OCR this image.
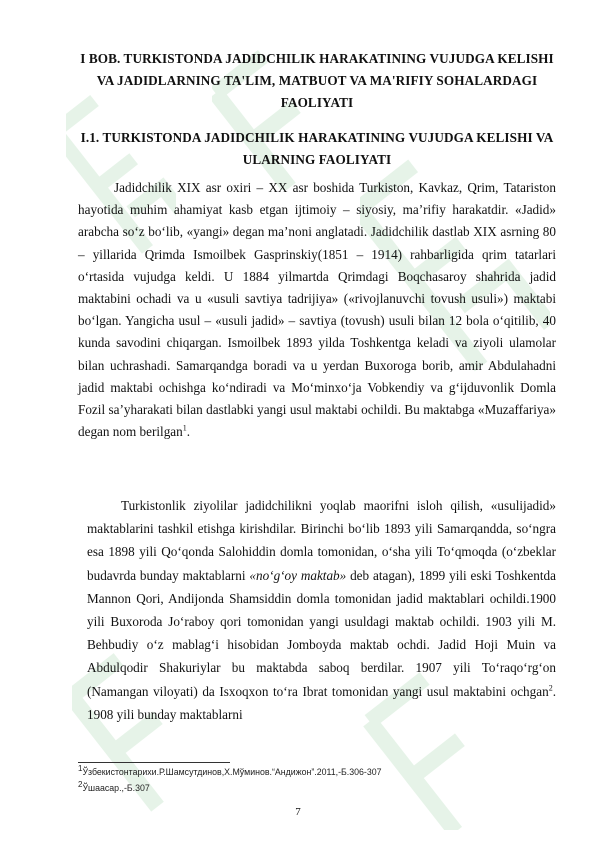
I BOB. TURKISTONDA JADIDCHILIK HARAKATINING VUJUDGA KELISHI VA JADIDLARNING TA'LIM, MATBUOT VA MA'RIFIY SOHALARDAGI FAOLIYATI
I.1. TURKISTONDA JADIDCHILIK HARAKATINING VUJUDGA KELISHI VA ULARNING FAOLIYATI
Jadidchilik XIX asr oxiri – XX asr boshida Turkiston, Kavkaz, Qrim, Tatariston hayotida muhim ahamiyat kasb etgan ijtimoiy – siyosiy, ma’rifiy harakatdir. «Jadid» arabcha so‘z bo‘lib, «yangi» degan ma’noni anglatadi. Jadidchilik dastlab XIX asrning 80 – yillarida Qrimda Ismoilbek Gasprinskiy(1851 – 1914) rahbarligida qrim tatarlari o‘rtasida vujudga keldi. U 1884 yilmartda Qrimdagi Boqchasaroy shahrida jadid maktabini ochadi va u «usuli savtiya tadrijiya» («rivojlanuvchi tovush usuli») maktabi bo‘lgan. Yangicha usul – «usuli jadid» – savtiya (tovush) usuli bilan 12 bola o‘qitilib, 40 kunda savodini chiqargan. Ismoilbek 1893 yilda Toshkentga keladi va ziyoli ulamolar bilan uchrashadi. Samarqandga boradi va u yerdan Buxoroga borib, amir Abdulahadni jadid maktabi ochishga ko‘ndiradi va Mo‘minxo‘ja Vobkendiy va g‘ijduvonlik Domla Fozil sa’yharakati bilan dastlabki yangi usul maktabi ochildi. Bu maktabga «Muzaffariya» degan nom berilgan$^1$.
Turkistonlik ziyolilar jadidchilikni yoqlab maorifni isloh qilish, «usulijadid» maktablarini tashkil etishga kirishdilar. Birinchi bo‘lib 1893 yili Samarqandda, so‘ngra esa 1898 yili Qo‘qonda Salohiddin domla tomonidan, o‘sha yili To‘qmoqda (o‘zbeklar budavrda bunday maktablarni «no‘g‘oy maktab» deb atagan), 1899 yili eski Toshkentda Mannon Qori, Andijonda Shamsiddin domla tomonidan jadid maktablari ochildi.1900 yili Buxoroda Jo‘raboy qori tomonidan yangi usuldagi maktab ochildi. 1903 yili M. Behbudiy o‘z mablag‘i hisobidan Jomboyda maktab ochdi. Jadid Hoji Muin va Abdulqodir Shakuriylar bu maktabda saboq berdilar. 1907 yili To‘raqo‘rg‘on (Namangan viloyati) da Isxoqxon to‘ra Ibrat tomonidan yangi usul maktabini ochgan$^2$. 1908 yili bunday maktablarni
$^1$Ўзбекистонтарихи.Р.Шамсутдинов,Х.Мўминов.“Андижон”.2011,-Б.306-307
$^2$Ўшаасар.,-Б.307
7
